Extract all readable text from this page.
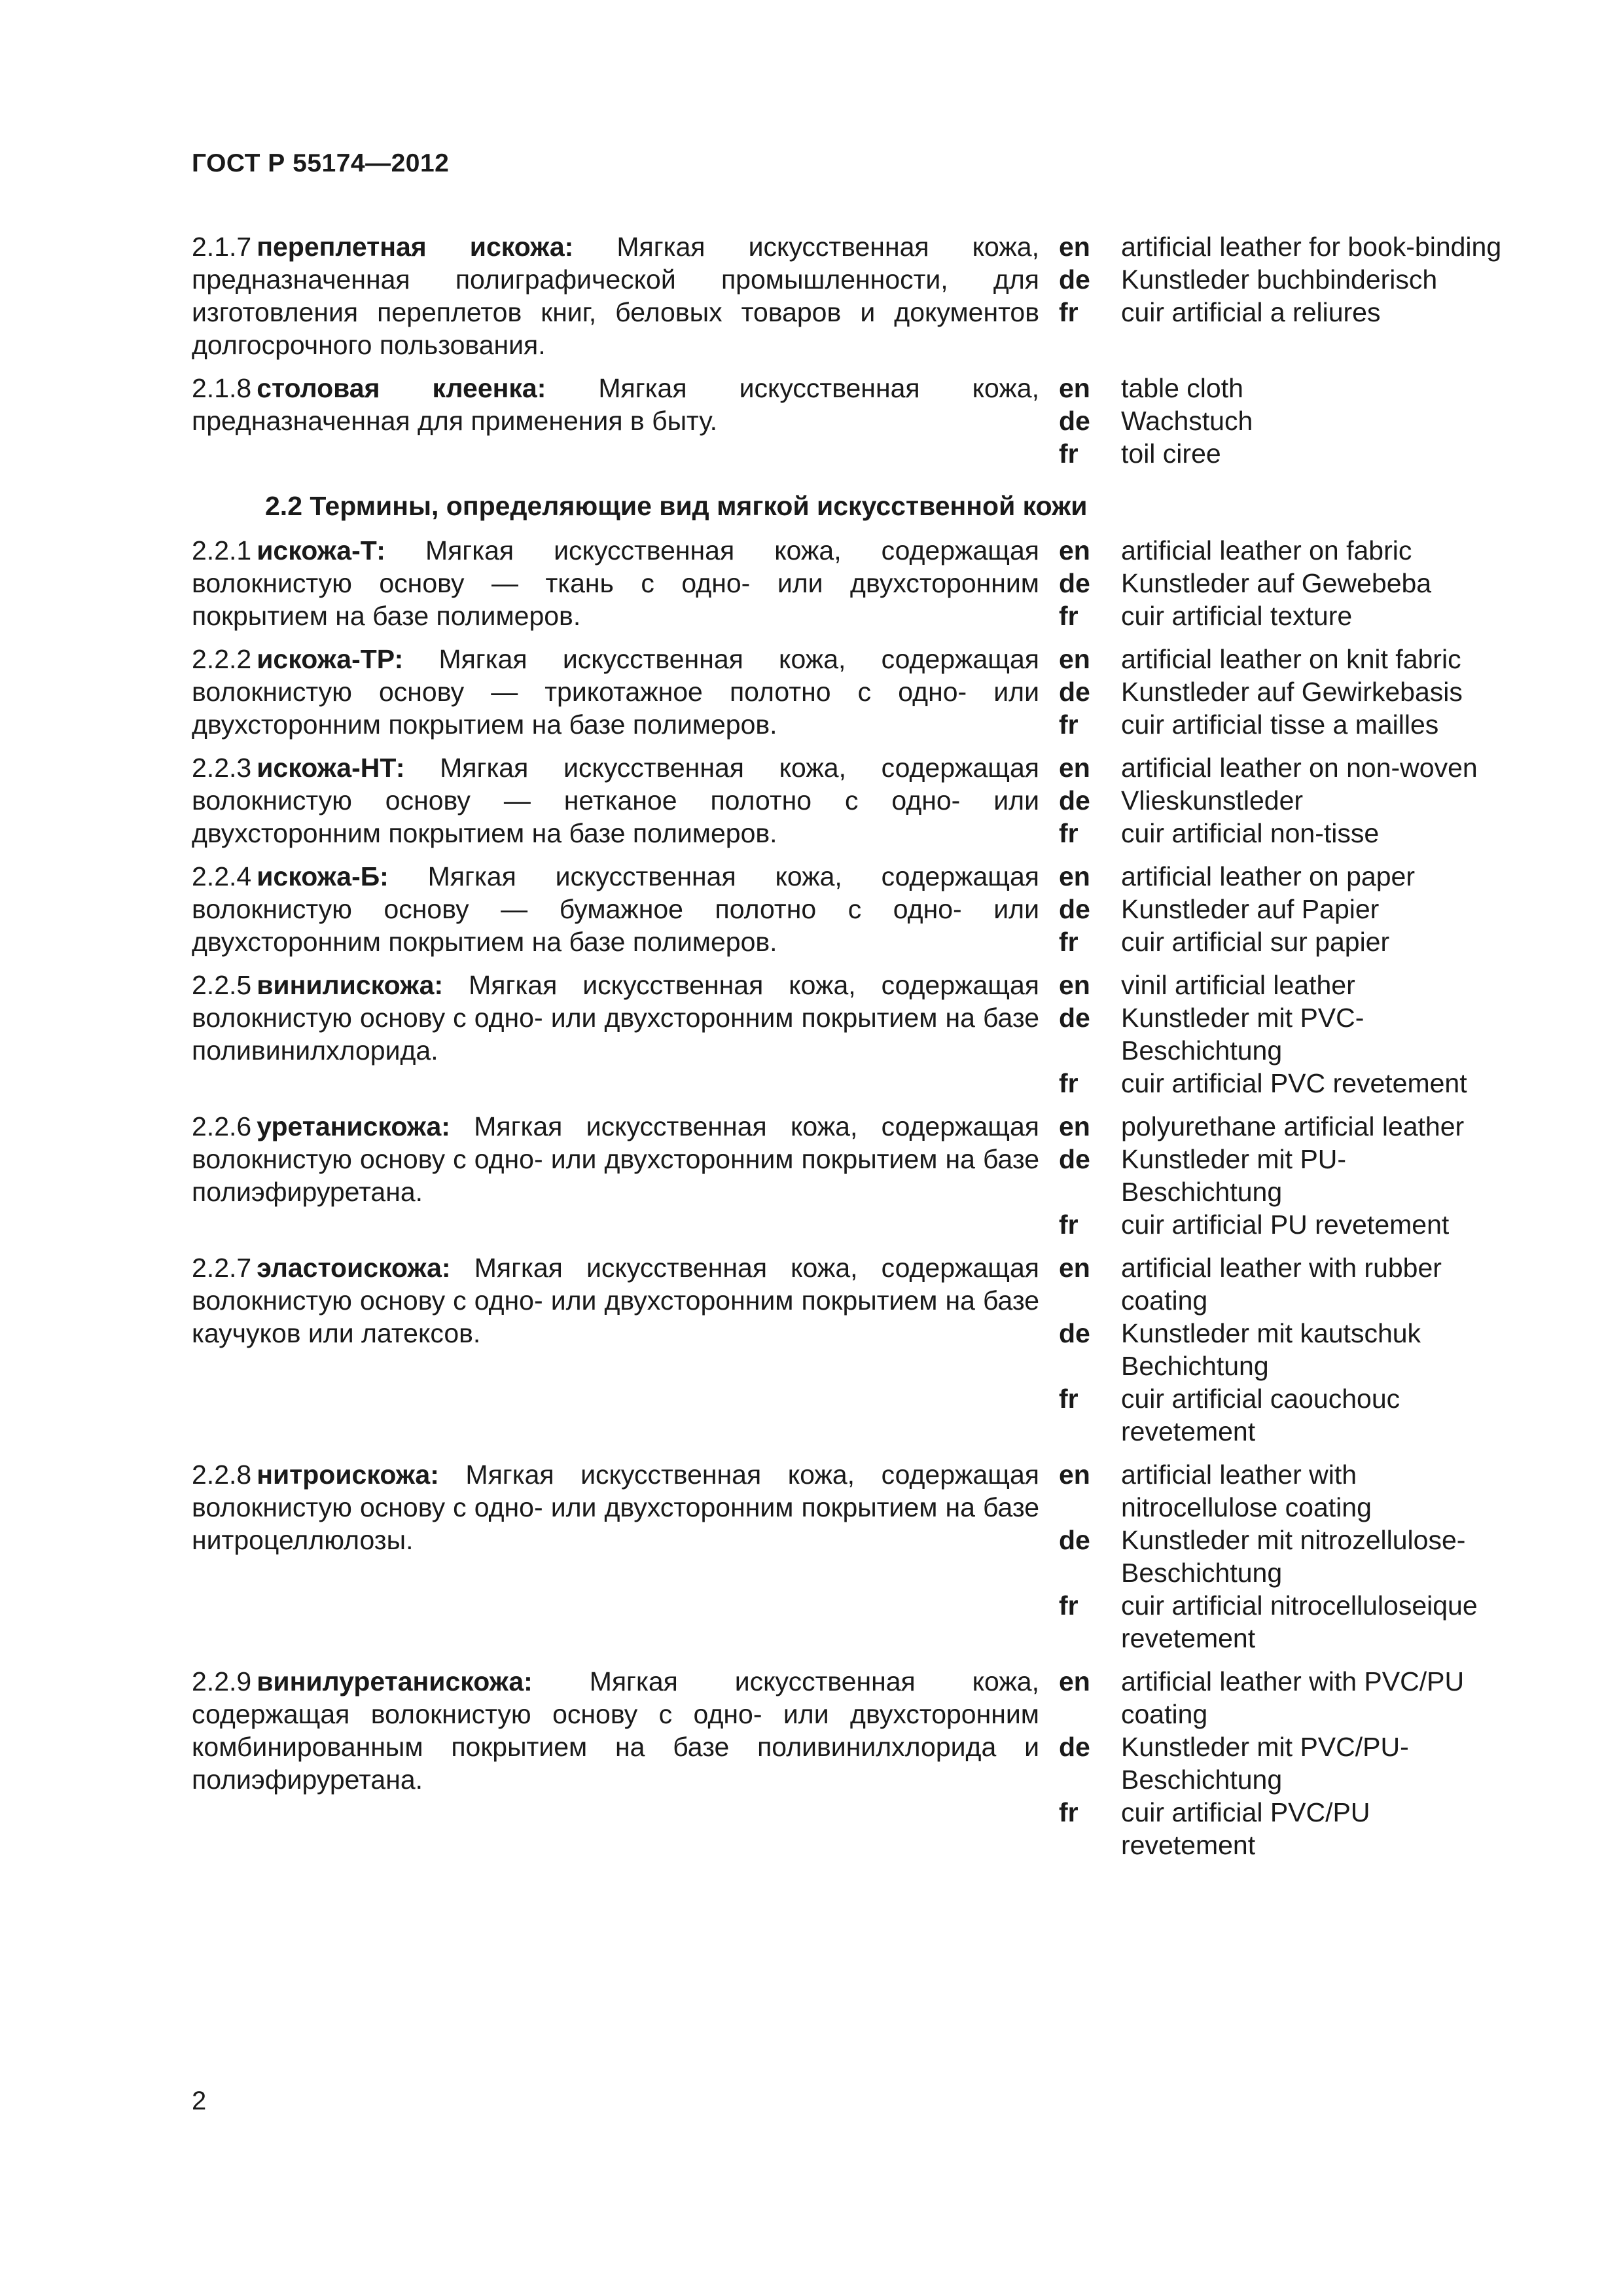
ГОСТ Р 55174—2012
2.1.7 переплетная искожа: Мягкая искусственная кожа, предназначенная полиграфической промышленности, для изготовления переплетов книг, беловых товаров и документов долгосрочного пользования.
en	artificial leather for book-binding
de	Kunstleder buchbinderisch
fr	cuir artificial a reliures
2.1.8 столовая клеенка: Мягкая искусственная кожа, предназначенная для применения в быту.
en	table cloth
de	Wachstuch
fr	toil ciree
2.2 Термины, определяющие вид мягкой искусственной кожи
2.2.1 искожа-Т: Мягкая искусственная кожа, содержащая волокнистую основу — ткань с одно- или двухсторонним покрытием на базе полимеров.
en	artificial leather on fabric
de	Kunstleder auf Gewebeba
fr	cuir artificial texture
2.2.2 искожа-ТР: Мягкая искусственная кожа, содержащая волокнистую основу — трикотажное полотно с одно- или двухсторонним покрытием на базе полимеров.
en	artificial leather on knit fabric
de	Kunstleder auf Gewirkebasis
fr	cuir artificial tisse a mailles
2.2.3 искожа-НТ: Мягкая искусственная кожа, содержащая волокнистую основу — нетканое полотно с одно- или двухсторонним покрытием на базе полимеров.
en	artificial leather on non-woven
de	Vlieskunstleder
fr	cuir artificial non-tisse
2.2.4 искожа-Б: Мягкая искусственная кожа, содержащая волокнистую основу — бумажное полотно с одно- или двухсторонним покрытием на базе полимеров.
en	artificial leather on paper
de	Kunstleder auf Papier
fr	cuir artificial sur papier
2.2.5 винилискожа: Мягкая искусственная кожа, содержащая волокнистую основу с одно- или двухсторонним покрытием на базе поливинилхлорида.
en	vinil artificial leather
de	Kunstleder mit PVC-Beschichtung
fr	cuir artificial PVC revetement
2.2.6 уретанискожа: Мягкая искусственная кожа, содержащая волокнистую основу с одно- или двухсторонним покрытием на базе полиэфируретана.
en	polyurethane artificial leather
de	Kunstleder mit PU-Beschichtung
fr	cuir artificial PU revetement
2.2.7 эластоискожа: Мягкая искусственная кожа, содержащая волокнистую основу с одно- или двухсторонним покрытием на базе каучуков или латексов.
en	artificial leather with rubber coating
de	Kunstleder mit kautschuk Bechichtung
fr	cuir artificial caouchouc revetement
2.2.8 нитроискожа: Мягкая искусственная кожа, содержащая волокнистую основу с одно- или двухсторонним покрытием на базе нитроцеллюлозы.
en	artificial leather with nitrocellulose coating
de	Kunstleder mit nitrozellulose-Beschichtung
fr	cuir artificial nitrocelluloseique revetement
2.2.9 винилуретанискожа: Мягкая искусственная кожа, содержащая волокнистую основу с одно- или двухсторонним комбинированным покрытием на базе поливинилхлорида и полиэфируретана.
en	artificial leather with PVC/PU coating
de	Kunstleder mit PVC/PU-Beschichtung
fr	cuir artificial PVC/PU revetement
2
